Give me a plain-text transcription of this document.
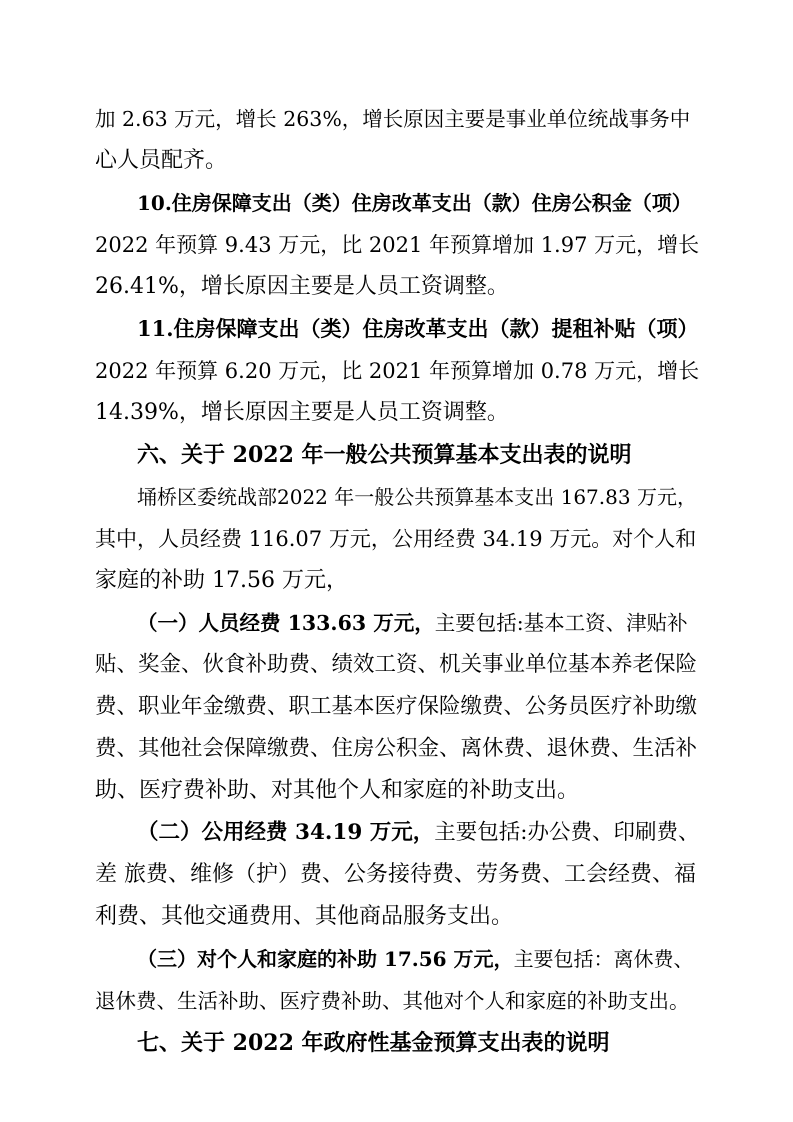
加 2.63 万元，增长 263%，增长原因主要是事业单位统战事务中
心人员配齐。
10.住房保障支出（类）住房改革支出（款）住房公积金（项）
2022 年预算 9.43 万元，比 2021 年预算增加 1.97 万元，增长
26.41%，增长原因主要是人员工资调整。
11.住房保障支出（类）住房改革支出（款）提租补贴（项）
2022 年预算 6.20 万元，比 2021 年预算增加 0.78 万元，增长
14.39%，增长原因主要是人员工资调整。
六、关于 2022 年一般公共预算基本支出表的说明
埇桥区委统战部2022 年一般公共预算基本支出 167.83 万元，
其中，人员经费 116.07 万元，公用经费 34.19 万元。对个人和
家庭的补助 17.56 万元，
（一）人员经费 133.63 万元，主要包括:基本工资、津贴补
贴、奖金、伙食补助费、绩效工资、机关事业单位基本养老保险
费、职业年金缴费、职工基本医疗保险缴费、公务员医疗补助缴
费、其他社会保障缴费、住房公积金、离休费、退休费、生活补
助、医疗费补助、对其他个人和家庭的补助支出。
（二）公用经费 34.19 万元，主要包括:办公费、印刷费、
差 旅费、维修（护）费、公务接待费、劳务费、工会经费、福
利费、其他交通费用、其他商品服务支出。
（三）对个人和家庭的补助 17.56 万元，主要包括：离休费、
退休费、生活补助、医疗费补助、其他对个人和家庭的补助支出。
七、关于 2022 年政府性基金预算支出表的说明
